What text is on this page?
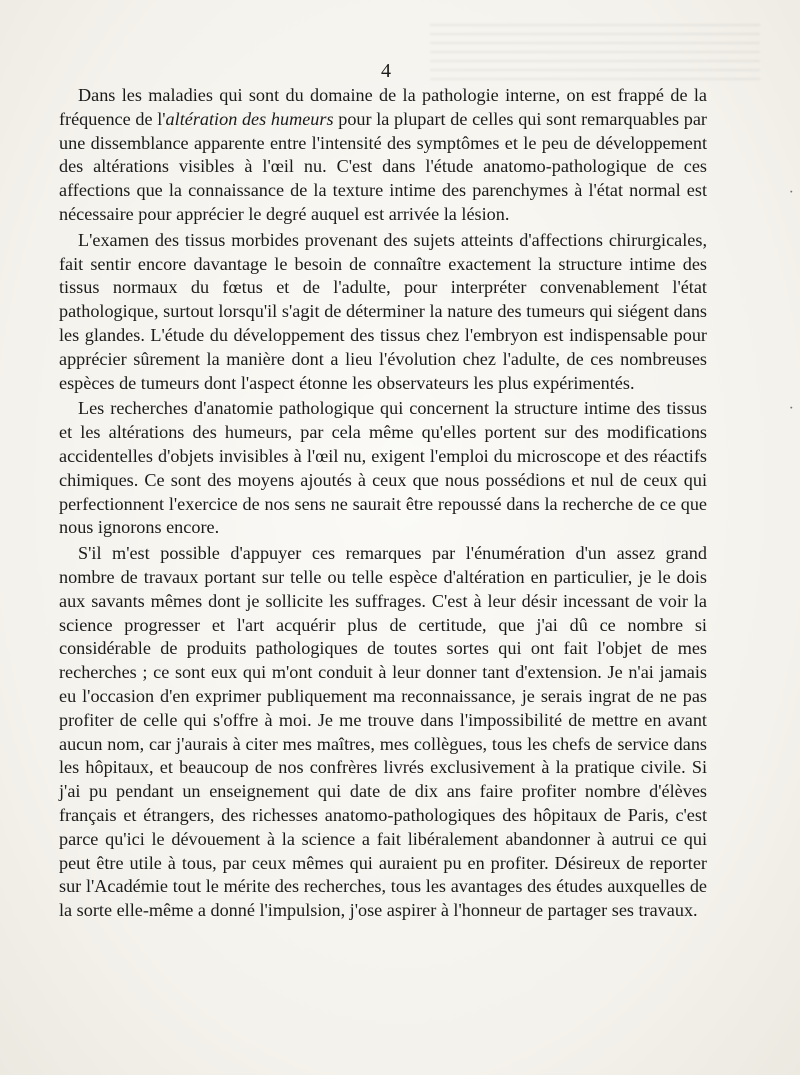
4

Dans les maladies qui sont du domaine de la pathologie interne, on est frappé de la fréquence de l'altération des humeurs pour la plupart de celles qui sont remarquables par une dissemblance apparente entre l'intensité des symptômes et le peu de développement des altérations visibles à l'œil nu. C'est dans l'étude anatomo-pathologique de ces affections que la connaissance de la texture intime des parenchymes à l'état normal est nécessaire pour apprécier le degré auquel est arrivée la lésion.

L'examen des tissus morbides provenant des sujets atteints d'affections chirurgicales, fait sentir encore davantage le besoin de connaître exactement la structure intime des tissus normaux du fœtus et de l'adulte, pour interpréter convenablement l'état pathologique, surtout lorsqu'il s'agit de déterminer la nature des tumeurs qui siégent dans les glandes. L'étude du développement des tissus chez l'embryon est indispensable pour apprécier sûrement la manière dont a lieu l'évolution chez l'adulte, de ces nombreuses espèces de tumeurs dont l'aspect étonne les observateurs les plus expérimentés.

Les recherches d'anatomie pathologique qui concernent la structure intime des tissus et les altérations des humeurs, par cela même qu'elles portent sur des modifications accidentelles d'objets invisibles à l'œil nu, exigent l'emploi du microscope et des réactifs chimiques. Ce sont des moyens ajoutés à ceux que nous possédions et nul de ceux qui perfectionnent l'exercice de nos sens ne saurait être repoussé dans la recherche de ce que nous ignorons encore.

S'il m'est possible d'appuyer ces remarques par l'énumération d'un assez grand nombre de travaux portant sur telle ou telle espèce d'altération en particulier, je le dois aux savants mêmes dont je sollicite les suffrages. C'est à leur désir incessant de voir la science progresser et l'art acquérir plus de certitude, que j'ai dû ce nombre si considérable de produits pathologiques de toutes sortes qui ont fait l'objet de mes recherches ; ce sont eux qui m'ont conduit à leur donner tant d'extension. Je n'ai jamais eu l'occasion d'en exprimer publiquement ma reconnaissance, je serais ingrat de ne pas profiter de celle qui s'offre à moi. Je me trouve dans l'impossibilité de mettre en avant aucun nom, car j'aurais à citer mes maîtres, mes collègues, tous les chefs de service dans les hôpitaux, et beaucoup de nos confrères livrés exclusivement à la pratique civile. Si j'ai pu pendant un enseignement qui date de dix ans faire profiter nombre d'élèves français et étrangers, des richesses anatomo-pathologiques des hôpitaux de Paris, c'est parce qu'ici le dévouement à la science a fait libéralement abandonner à autrui ce qui peut être utile à tous, par ceux mêmes qui auraient pu en profiter. Désireux de reporter sur l'Académie tout le mérite des recherches, tous les avantages des études auxquelles de la sorte elle-même a donné l'impulsion, j'ose aspirer à l'honneur de partager ses travaux.

·
·
